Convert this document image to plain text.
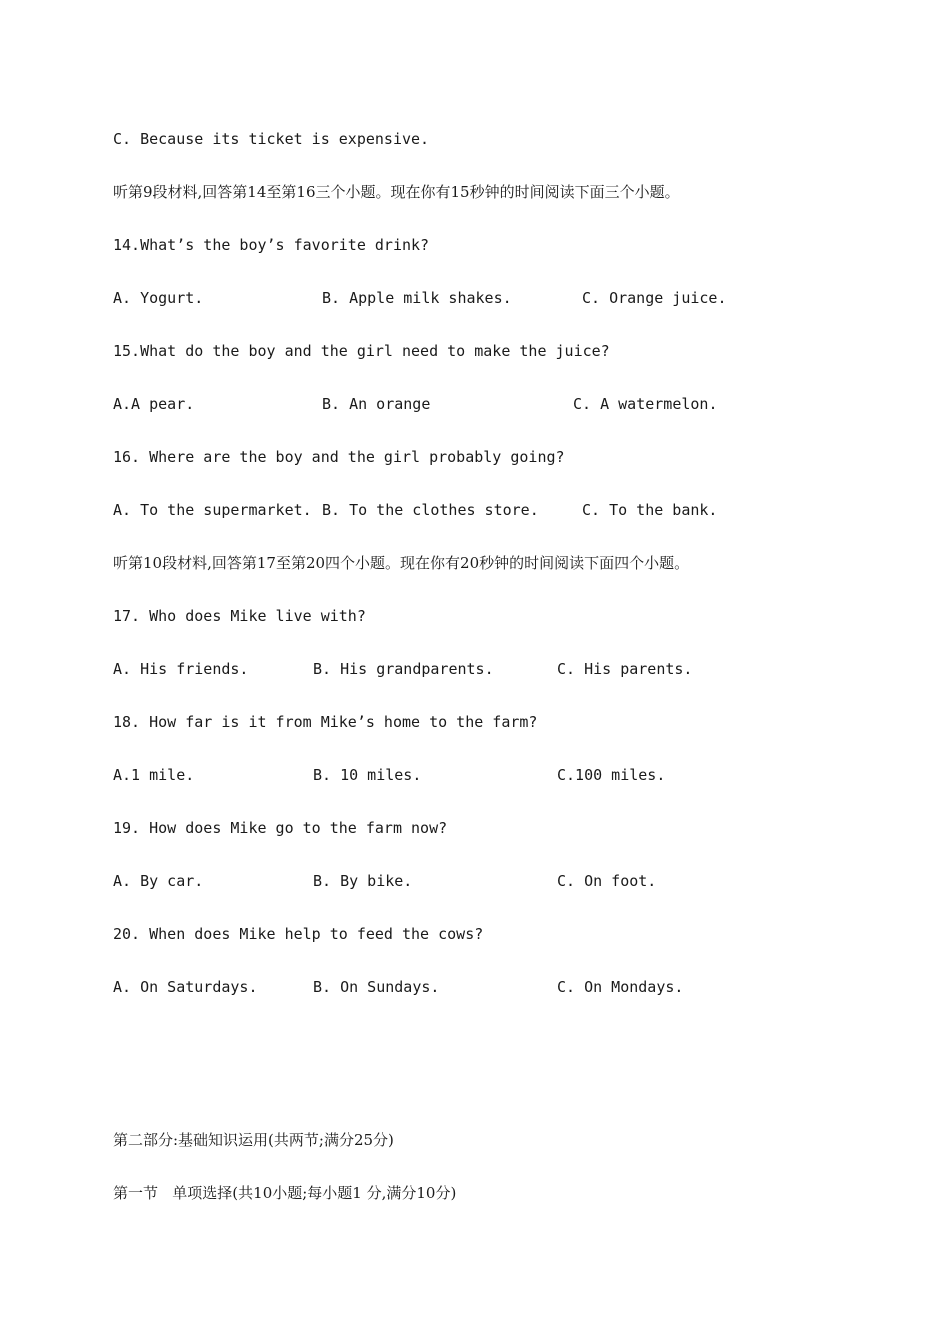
C. Because its ticket is expensive.
听第9段材料,回答第14至第16三个小题。现在你有15秒钟的时间阅读下面三个小题。
14.What’s the boy’s favorite drink?
A. Yogurt.	B. Apple milk shakes.	C. Orange juice.
15.What do the boy and the girl need to make the juice?
A.A pear.	B. An orange	C. A watermelon.
16. Where are the boy and the girl probably going?
A. To the supermarket. B. To the clothes store.	C. To the bank.
听第10段材料,回答第17至第20四个小题。现在你有20秒钟的时间阅读下面四个小题。
17. Who does Mike live with?
A. His friends.	B. His grandparents.	C. His parents.
18. How far is it from Mike’s home to the farm?
A.1 mile.	B. 10 miles.	C.100 miles.
19. How does Mike go to the farm now?
A. By car.	B. By bike.	C. On foot.
20. When does Mike help to feed the cows?
A. On Saturdays.	B. On Sundays.	C. On Mondays.
第二部分:基础知识运用(共两节;满分25分)
第一节   单项选择(共10小题;每小题1 分,满分10分)
